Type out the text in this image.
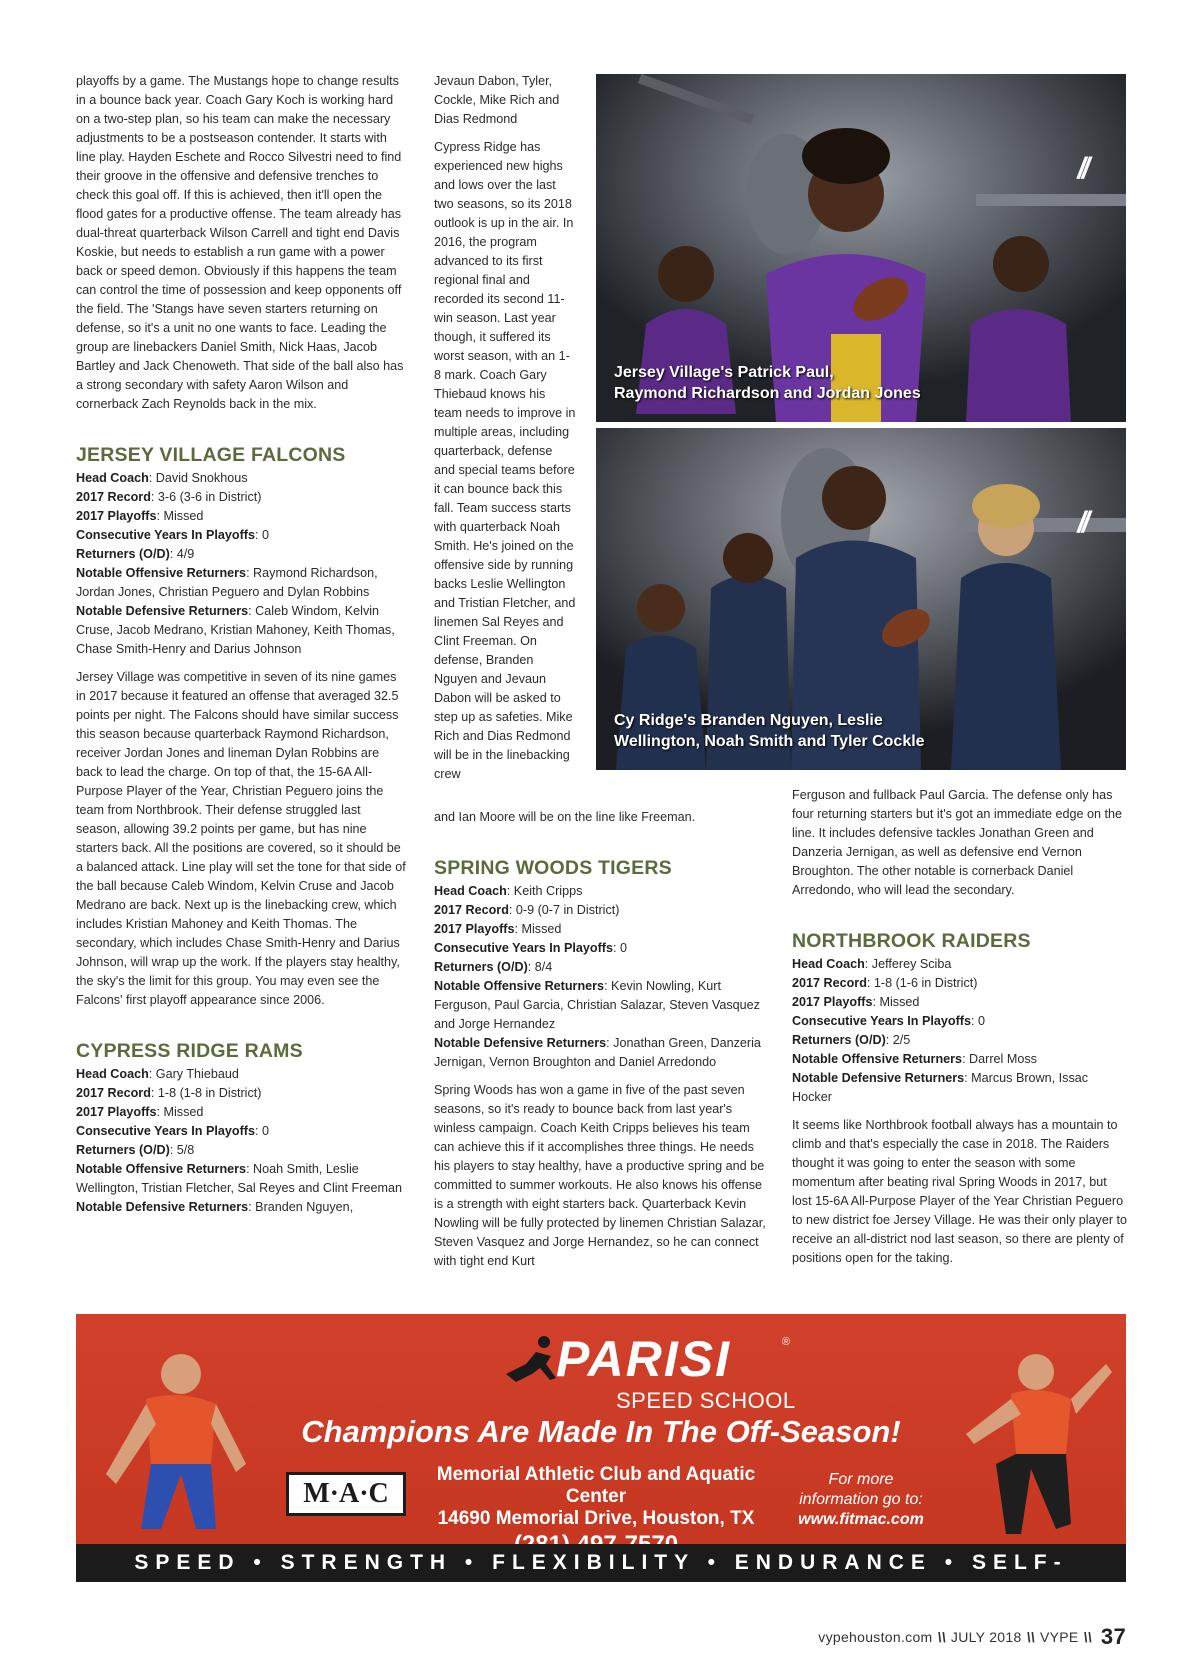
playoffs by a game. The Mustangs hope to change results in a bounce back year. Coach Gary Koch is working hard on a two-step plan, so his team can make the necessary adjustments to be a postseason contender. It starts with line play. Hayden Eschete and Rocco Silvestri need to find their groove in the offensive and defensive trenches to check this goal off. If this is achieved, then it'll open the flood gates for a productive offense. The team already has dual-threat quarterback Wilson Carrell and tight end Davis Koskie, but needs to establish a run game with a power back or speed demon. Obviously if this happens the team can control the time of possession and keep opponents off the field. The 'Stangs have seven starters returning on defense, so it's a unit no one wants to face. Leading the group are linebackers Daniel Smith, Nick Haas, Jacob Bartley and Jack Chenoweth. That side of the ball also has a strong secondary with safety Aaron Wilson and cornerback Zach Reynolds back in the mix.

JERSEY VILLAGE FALCONS
Head Coach: David Snokhous
2017 Record: 3-6 (3-6 in District)
2017 Playoffs: Missed
Consecutive Years In Playoffs: 0
Returners (O/D): 4/9
Notable Offensive Returners: Raymond Richardson, Jordan Jones, Christian Peguero and Dylan Robbins
Notable Defensive Returners: Caleb Windom, Kelvin Cruse, Jacob Medrano, Kristian Mahoney, Keith Thomas, Chase Smith-Henry and Darius Johnson

Jersey Village was competitive in seven of its nine games in 2017 because it featured an offense that averaged 32.5 points per night. The Falcons should have similar success this season because quarterback Raymond Richardson, receiver Jordan Jones and lineman Dylan Robbins are back to lead the charge. On top of that, the 15-6A All-Purpose Player of the Year, Christian Peguero joins the team from Northbrook. Their defense struggled last season, allowing 39.2 points per game, but has nine starters back. All the positions are covered, so it should be a balanced attack. Line play will set the tone for that side of the ball because Caleb Windom, Kelvin Cruse and Jacob Medrano are back. Next up is the linebacking crew, which includes Kristian Mahoney and Keith Thomas. The secondary, which includes Chase Smith-Henry and Darius Johnson, will wrap up the work. If the players stay healthy, the sky's the limit for this group. You may even see the Falcons' first playoff appearance since 2006.

CYPRESS RIDGE RAMS
Head Coach: Gary Thiebaud
2017 Record: 1-8 (1-8 in District)
2017 Playoffs: Missed
Consecutive Years In Playoffs: 0
Returners (O/D): 5/8
Notable Offensive Returners: Noah Smith, Leslie Wellington, Tristian Fletcher, Sal Reyes and Clint Freeman
Notable Defensive Returners: Branden Nguyen,

Jevaun Dabon, Tyler, Cockle, Mike Rich and Dias Redmond

Cypress Ridge has experienced new highs and lows over the last two seasons, so its 2018 outlook is up in the air. In 2016, the program advanced to its first regional final and recorded its second 11-win season. Last year though, it suffered its worst season, with an 1-8 mark. Coach Gary Thiebaud knows his team needs to improve in multiple areas, including quarterback, defense and special teams before it can bounce back this fall. Team success starts with quarterback Noah Smith. He's joined on the offensive side by running backs Leslie Wellington and Tristian Fletcher, and linemen Sal Reyes and Clint Freeman. On defense, Branden Nguyen and Jevaun Dabon will be asked to step up as safeties. Mike Rich and Dias Redmond will be in the linebacking crew

and Ian Moore will be on the line like Freeman.

SPRING WOODS TIGERS
Head Coach: Keith Cripps
2017 Record: 0-9 (0-7 in District)
2017 Playoffs: Missed
Consecutive Years In Playoffs: 0
Returners (O/D): 8/4
Notable Offensive Returners: Kevin Nowling, Kurt Ferguson, Paul Garcia, Christian Salazar, Steven Vasquez and Jorge Hernandez
Notable Defensive Returners: Jonathan Green, Danzeria Jernigan, Vernon Broughton and Daniel Arredondo

Spring Woods has won a game in five of the past seven seasons, so it's ready to bounce back from last year's winless campaign. Coach Keith Cripps believes his team can achieve this if it accomplishes three things. He needs his players to stay healthy, have a productive spring and be committed to summer workouts. He also knows his offense is a strength with eight starters back. Quarterback Kevin Nowling will be fully protected by linemen Christian Salazar, Steven Vasquez and Jorge Hernandez, so he can connect with tight end Kurt

Ferguson and fullback Paul Garcia. The defense only has four returning starters but it's got an immediate edge on the line. It includes defensive tackles Jonathan Green and Danzeria Jernigan, as well as defensive end Vernon Broughton. The other notable is cornerback Daniel Arredondo, who will lead the secondary.

NORTHBROOK RAIDERS
Head Coach: Jefferey Sciba
2017 Record: 1-8 (1-6 in District)
2017 Playoffs: Missed
Consecutive Years In Playoffs: 0
Returners (O/D): 2/5
Notable Offensive Returners: Darrel Moss
Notable Defensive Returners: Marcus Brown, Issac Hocker

It seems like Northbrook football always has a mountain to climb and that's especially the case in 2018. The Raiders thought it was going to enter the season with some momentum after beating rival Spring Woods in 2017, but lost 15-6A All-Purpose Player of the Year Christian Peguero to new district foe Jersey Village. He was their only player to receive an all-district nod last season, so there are plenty of positions open for the taking.

//
Jersey Village's Patrick Paul,
Raymond Richardson and Jordan Jones
//
Cy Ridge's Branden Nguyen, Leslie
Wellington, Noah Smith and Tyler Cockle
PARISI	®
SPEED SCHOOL
Champions Are Made In The Off-Season!
M·A·C
Memorial Athletic Club and Aquatic Center
14690 Memorial Drive, Houston, TX
For more
information go to:
www.fitmac.com
SPEED • STRENGTH • FLEXIBILITY • ENDURANCE • SELF-CONFIDENCE
vypehouston.com \\ JULY 2018 \\ VYPE \\ 37
